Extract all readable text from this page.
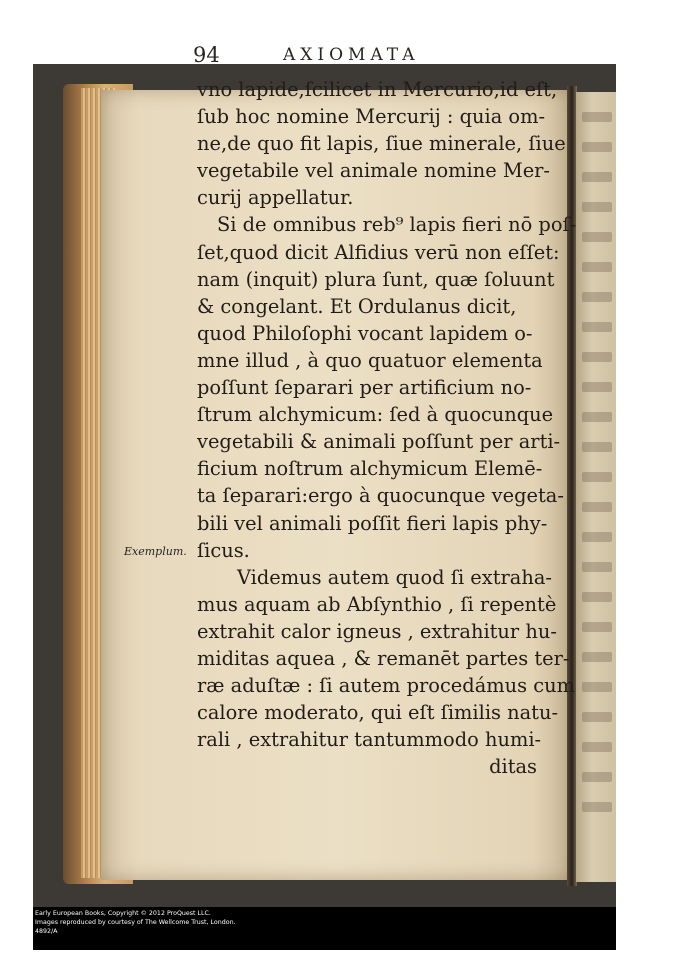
94	AXIOMATA
vno lapide,ſcilicet in Mercurio,id eſt,
ſub hoc nomine Mercurij : quia om-
ne,de quo fit lapis, ſiue minerale, ſiue
vegetabile vel animale nomine Mer-
curij appellatur.
Si de omnibus reb⁹ lapis fieri nō poſ-
ſet,quod dicit Alfidius verū non eſſet:
nam (inquit) plura ſunt, quæ ſoluunt
& congelant. Et Ordulanus dicit,
quod Philoſophi vocant lapidem o-
mne illud , à quo quatuor elementa
poſſunt ſeparari per artificium no-
ſtrum alchymicum: ſed à quocunque
vegetabili & animali poſſunt per arti-
ficium noſtrum alchymicum Elemē-
ta ſeparari:ergo à quocunque vegeta-
bili vel animali poſſit fieri lapis phy-
ſicus.
Videmus autem quod ſi extraha-
mus aquam ab Abſynthio , ſi repentè
extrahit calor igneus , extrahitur hu-
miditas aquea , & remanēt partes ter-
ræ aduſtæ : ſi autem procedámus cum
calore moderato, qui eſt ſimilis natu-
rali , extrahitur tantummodo humi-
ditas
Exemplum.
Early European Books, Copyright © 2012 ProQuest LLC.
Images reproduced by courtesy of The Wellcome Trust, London.
4892/A
